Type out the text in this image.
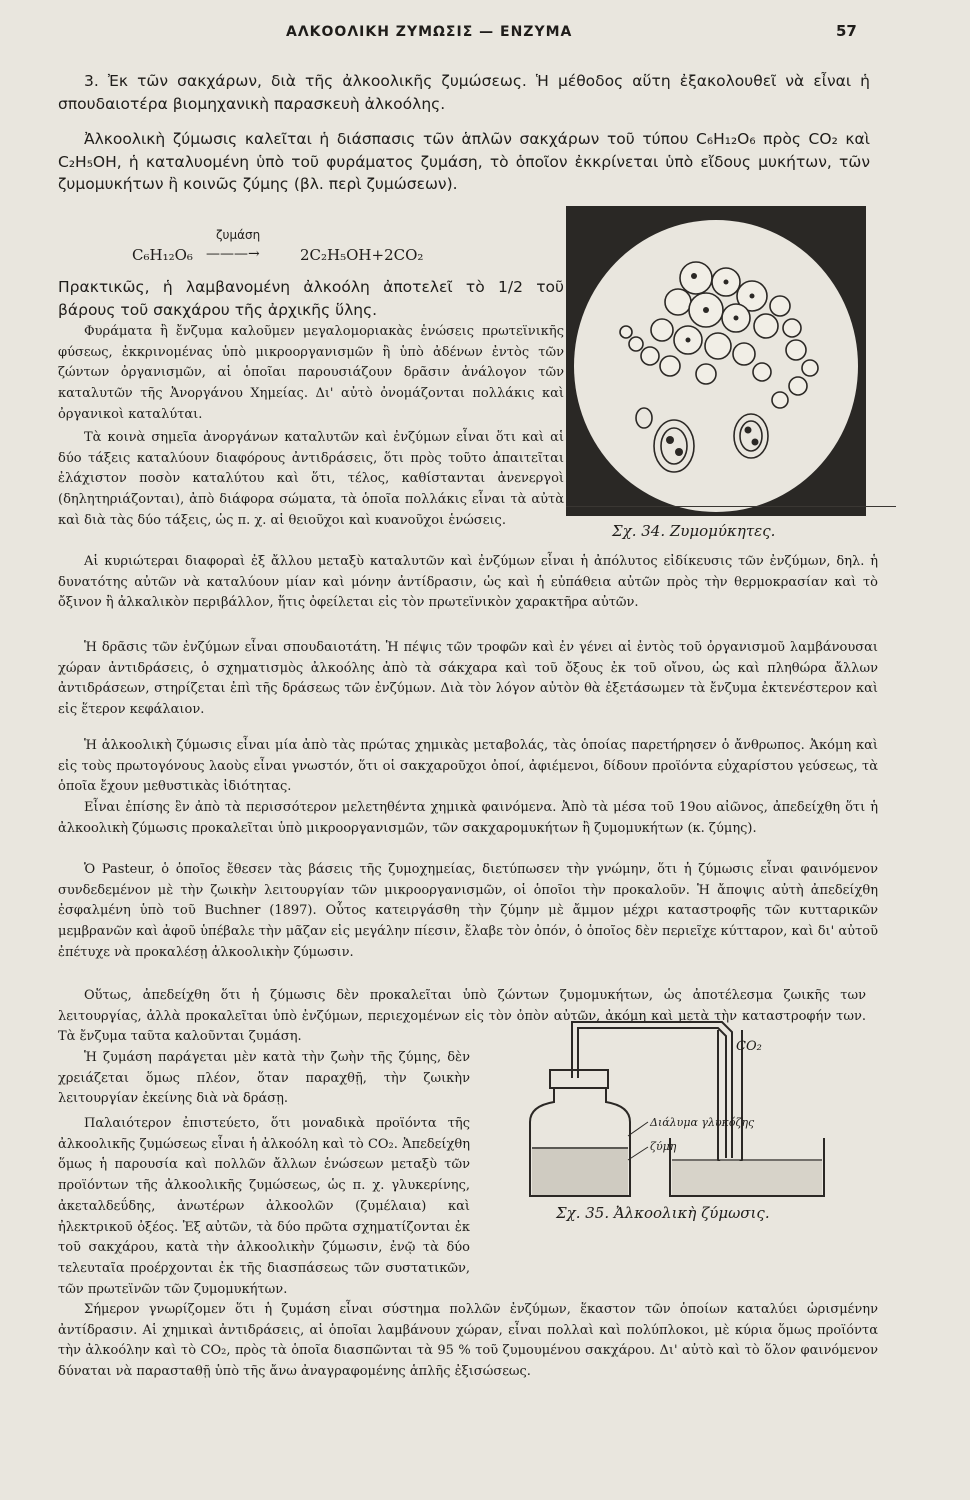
ΑΛΚΟΟΛΙΚΗ ΖΥΜΩΣΙΣ — ΕΝΖΥΜΑ	57

3. Ἐκ τῶν σακχάρων, διὰ τῆς ἀλκοολικῆς ζυμώσεως. Ἡ μέθοδος αὕτη ἐξακολουθεῖ νὰ εἶναι ἡ σπουδαιοτέρα βιομηχανικὴ παρασκευὴ ἀλκοόλης.

Ἀλκοολικὴ ζύμωσις καλεῖται ἡ διάσπασις τῶν ἁπλῶν σακχάρων τοῦ τύπου C₆H₁₂O₆ πρὸς CO₂ καὶ C₂H₅OH, ἡ καταλυομένη ὑπὸ τοῦ φυράματος ζυμάση, τὸ ὁποῖον ἐκκρίνεται ὑπὸ εἴδους μυκήτων, τῶν ζυμομυκήτων ἢ κοινῶς ζύμης (βλ. περὶ ζυμώσεων).

ζυμάση
C₆H₁₂O₆ ———→	2C₂H₅OH+2CO₂

Πρακτικῶς, ἡ λαμβανομένη ἀλκοόλη ἀποτελεῖ τὸ 1/2 τοῦ βάρους τοῦ σακχάρου τῆς ἀρχικῆς ὕλης.

Φυράματα ἢ ἔνζυμα καλοῦμεν μεγαλομοριακὰς ἑνώσεις πρωτεϊνικῆς φύσεως, ἐκκρινομένας ὑπὸ μικροοργανισμῶν ἢ ὑπὸ ἀδένων ἐντὸς τῶν ζώντων ὀργανισμῶν, αἱ ὁποῖαι παρουσιάζουν δρᾶσιν ἀνάλογον τῶν καταλυτῶν τῆς Ἀνοργάνου Χημείας. Δι' αὐτὸ ὀνομάζονται πολλάκις καὶ ὀργανικοὶ καταλύται.

Τὰ κοινὰ σημεῖα ἀνοργάνων καταλυτῶν καὶ ἐνζύμων εἶναι ὅτι καὶ αἱ δύο τάξεις καταλύουν διαφόρους ἀντιδράσεις, ὅτι πρὸς τοῦτο ἀπαιτεῖται ἐλάχιστον ποσὸν καταλύτου καὶ ὅτι, τέλος, καθίστανται ἀνενεργοὶ (δηλητηριάζονται), ἀπὸ διάφορα σώματα, τὰ ὁποῖα πολλάκις εἶναι τὰ αὐτὰ καὶ διὰ τὰς δύο τάξεις, ὡς π. χ. αἱ θειοῦχοι καὶ κυανοῦχοι ἑνώσεις.

Αἱ κυριώτεραι διαφοραὶ ἐξ ἄλλου μεταξὺ καταλυτῶν καὶ ἐνζύμων εἶναι ἡ ἀπόλυτος εἰδίκευσις τῶν ἐνζύμων, δηλ. ἡ δυνατότης αὐτῶν νὰ καταλύουν μίαν καὶ μόνην ἀντίδρασιν, ὡς καὶ ἡ εὐπάθεια αὐτῶν πρὸς τὴν θερμοκρασίαν καὶ τὸ ὄξινον ἢ ἀλκαλικὸν περιβάλλον, ἥτις ὀφείλεται εἰς τὸν πρωτεϊνικὸν χαρακτῆρα αὐτῶν.

Ἡ δρᾶσις τῶν ἐνζύμων εἶναι σπουδαιοτάτη. Ἡ πέψις τῶν τροφῶν καὶ ἐν γένει αἱ ἐντὸς τοῦ ὀργανισμοῦ λαμβάνουσαι χώραν ἀντιδράσεις, ὁ σχηματισμὸς ἀλκοόλης ἀπὸ τὰ σάκχαρα καὶ τοῦ ὄξους ἐκ τοῦ οἴνου, ὡς καὶ πληθώρα ἄλλων ἀντιδράσεων, στηρίζεται ἐπὶ τῆς δράσεως τῶν ἐνζύμων. Διὰ τὸν λόγον αὐτὸν θὰ ἐξετάσωμεν τὰ ἔνζυμα ἐκτενέστερον καὶ εἰς ἕτερον κεφάλαιον.

Ἡ ἀλκοολικὴ ζύμωσις εἶναι μία ἀπὸ τὰς πρώτας χημικὰς μεταβολάς, τὰς ὁποίας παρετήρησεν ὁ ἄνθρωπος. Ἀκόμη καὶ εἰς τοὺς πρωτογόνους λαοὺς εἶναι γνωστόν, ὅτι οἱ σακχαροῦχοι ὀποί, ἀφιέμενοι, δίδουν προϊόντα εὐχαρίστου γεύσεως, τὰ ὁποῖα ἔχουν μεθυστικὰς ἰδιότητας.

Εἶναι ἐπίσης ἓν ἀπὸ τὰ περισσότερον μελετηθέντα χημικὰ φαινόμενα. Ἀπὸ τὰ μέσα τοῦ 19ου αἰῶνος, ἀπεδείχθη ὅτι ἡ ἀλκοολικὴ ζύμωσις προκαλεῖται ὑπὸ μικροοργανισμῶν, τῶν σακχαρομυκήτων ἢ ζυμομυκήτων (κ. ζύμης).

Ὁ Pasteur, ὁ ὁποῖος ἔθεσεν τὰς βάσεις τῆς ζυμοχημείας, διετύπωσεν τὴν γνώμην, ὅτι ἡ ζύμωσις εἶναι φαινόμενον συνδεδεμένον μὲ τὴν ζωικὴν λειτουργίαν τῶν μικροοργανισμῶν, οἱ ὁποῖοι τὴν προκαλοῦν. Ἡ ἄποψις αὐτὴ ἀπεδείχθη ἐσφαλμένη ὑπὸ τοῦ Buchner (1897). Οὗτος κατειργάσθη τὴν ζύμην μὲ ἄμμον μέχρι καταστροφῆς τῶν κυτταρικῶν μεμβρανῶν καὶ ἀφοῦ ὑπέβαλε τὴν μᾶζαν εἰς μεγάλην πίεσιν, ἔλαβε τὸν ὀπόν, ὁ ὁποῖος δὲν περιεῖχε κύτταρον, καὶ δι' αὐτοῦ ἐπέτυχε νὰ προκαλέσῃ ἀλκοολικὴν ζύμωσιν.

Οὕτως, ἀπεδείχθη ὅτι ἡ ζύμωσις δὲν προκαλεῖται ὑπὸ ζώντων ζυμομυκήτων, ὡς ἀποτέλεσμα ζωικῆς των λειτουργίας, ἀλλὰ προκαλεῖται ὑπὸ ἐνζύμων, περιεχομένων εἰς τὸν ὀπὸν αὐτῶν, ἀκόμη καὶ μετὰ τὴν καταστροφήν των. Τὰ ἔνζυμα ταῦτα καλοῦνται ζυμάση.

Ἡ ζυμάση παράγεται μὲν κατὰ τὴν ζωὴν τῆς ζύμης, δὲν χρειάζεται ὅμως πλέον, ὅταν παραχθῇ, τὴν ζωικὴν λειτουργίαν ἐκείνης διὰ νὰ δράσῃ.

Παλαιότερον ἐπιστεύετο, ὅτι μοναδικὰ προϊόντα τῆς ἀλκοολικῆς ζυμώσεως εἶναι ἡ ἀλκοόλη καὶ τὸ CO₂. Ἀπεδείχθη ὅμως ἡ παρουσία καὶ πολλῶν ἄλλων ἑνώσεων μεταξὺ τῶν προϊόντων τῆς ἀλκοολικῆς ζυμώσεως, ὡς π. χ. γλυκερίνης, ἀκεταλδεΰδης, ἀνωτέρων ἀλκοολῶν (ζυμέλαια) καὶ ἠλεκτρικοῦ ὀξέος. Ἐξ αὐτῶν, τὰ δύο πρῶτα σχηματίζονται ἐκ τοῦ σακχάρου, κατὰ τὴν ἀλκοολικὴν ζύμωσιν, ἐνῷ τὰ δύο τελευταῖα προέρχονται ἐκ τῆς διασπάσεως τῶν συστατικῶν, τῶν πρωτεϊνῶν τῶν ζυμομυκήτων.

Σήμερον γνωρίζομεν ὅτι ἡ ζυμάση εἶναι σύστημα πολλῶν ἐνζύμων, ἕκαστον τῶν ὁποίων καταλύει ὡρισμένην ἀντίδρασιν. Αἱ χημικαὶ ἀντιδράσεις, αἱ ὁποῖαι λαμβάνουν χώραν, εἶναι πολλαὶ καὶ πολύπλοκοι, μὲ κύρια ὅμως προϊόντα τὴν ἀλκοόλην καὶ τὸ CO₂, πρὸς τὰ ὁποῖα διασπῶνται τὰ 95 % τοῦ ζυμουμένου σακχάρου. Δι' αὐτὸ καὶ τὸ ὅλον φαινόμενον δύναται νὰ παρασταθῇ ὑπὸ τῆς ἄνω ἀναγραφομένης ἁπλῆς ἐξισώσεως.

Σχ. 34. Ζυμομύκητες.
CO₂
Διάλυμα γλυκόζης
ζύμη
Σχ. 35. Ἀλκοολικὴ ζύμωσις.
